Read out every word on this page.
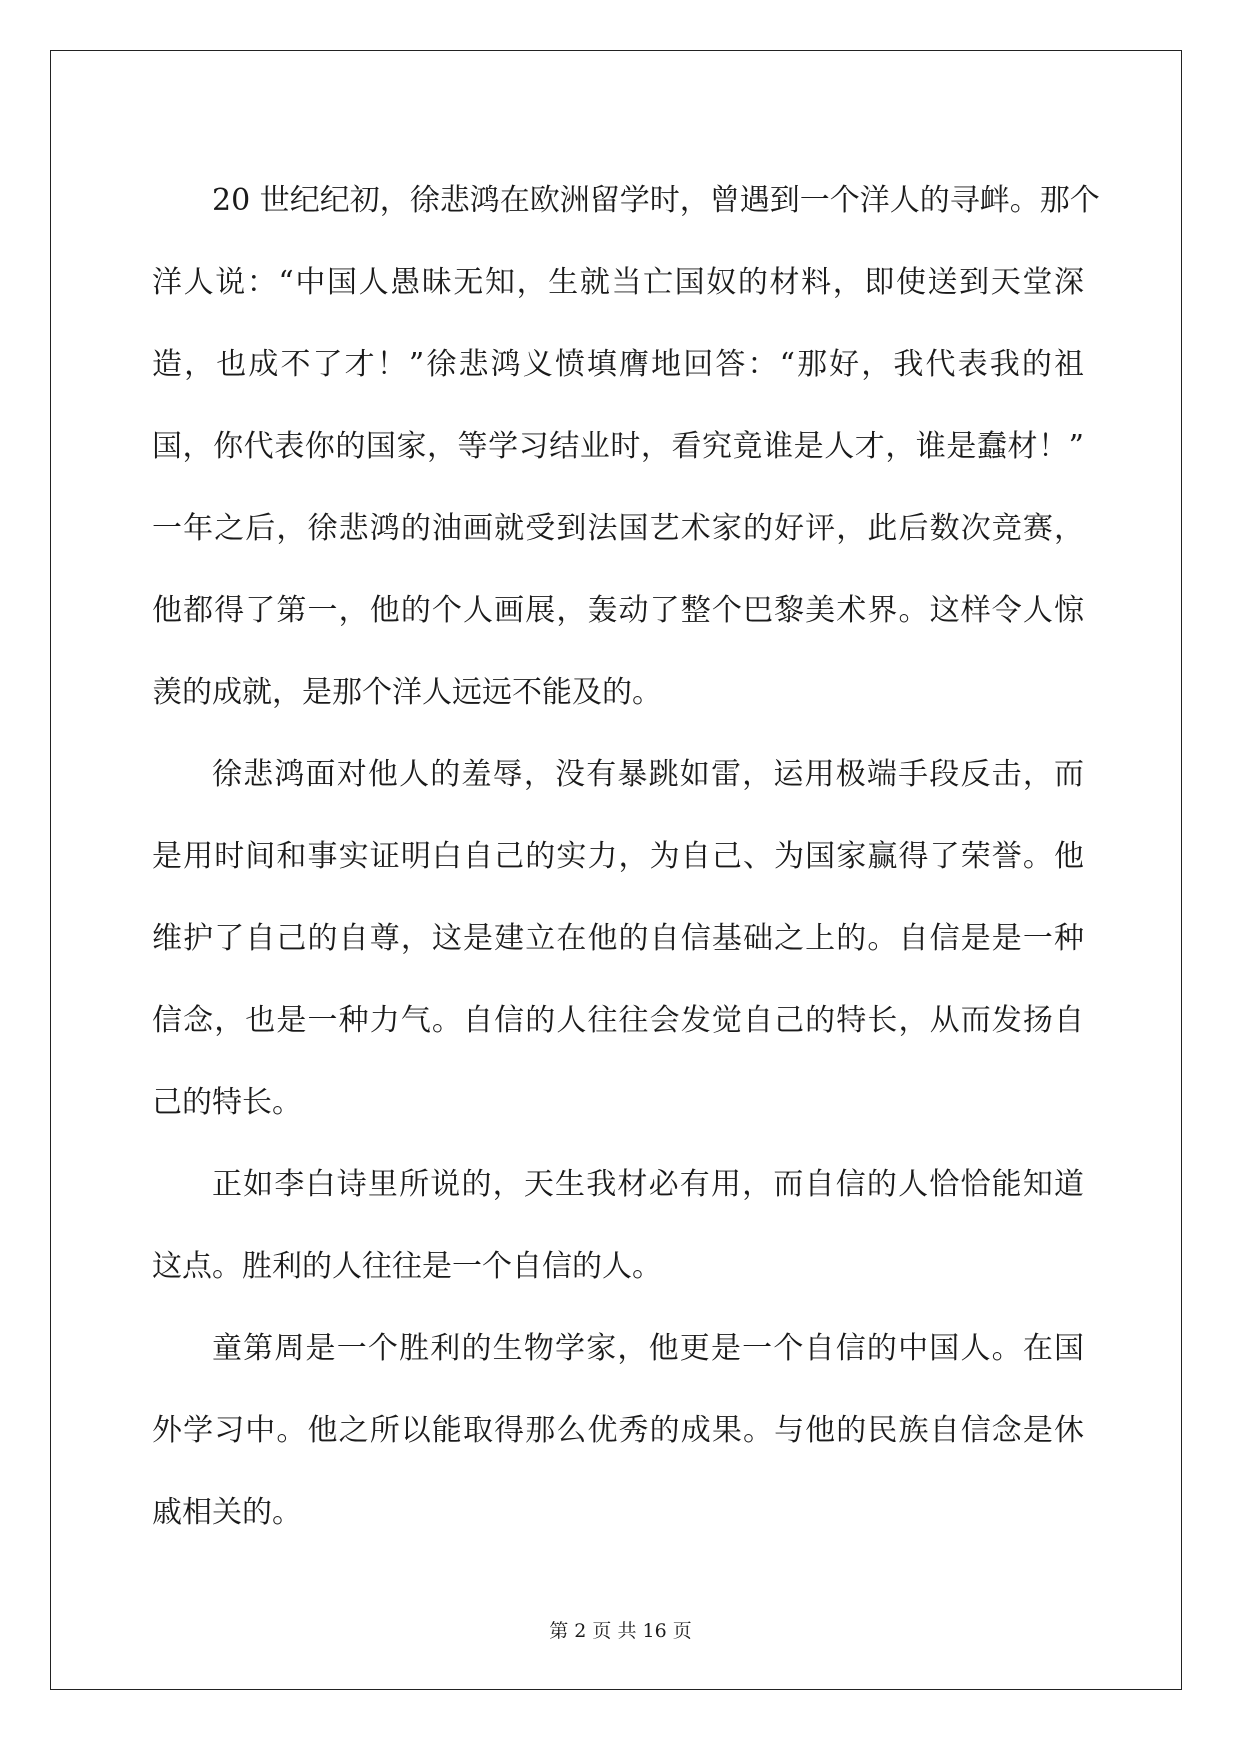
20 世纪纪初，徐悲鸿在欧洲留学时，曾遇到一个洋人的寻衅。那个
洋人说：“中国人愚昧无知，生就当亡国奴的材料，即使送到天堂深
造，也成不了才！”徐悲鸿义愤填膺地回答：“那好，我代表我的祖
国，你代表你的国家，等学习结业时，看究竟谁是人才，谁是蠢材！”
一年之后，徐悲鸿的油画就受到法国艺术家的好评，此后数次竞赛，
他都得了第一，他的个人画展，轰动了整个巴黎美术界。这样令人惊
羡的成就，是那个洋人远远不能及的。

徐悲鸿面对他人的羞辱，没有暴跳如雷，运用极端手段反击，而
是用时间和事实证明白自己的实力，为自己、为国家赢得了荣誉。他
维护了自己的自尊，这是建立在他的自信基础之上的。自信是是一种
信念，也是一种力气。自信的人往往会发觉自己的特长，从而发扬自
己的特长。

正如李白诗里所说的，天生我材必有用，而自信的人恰恰能知道
这点。胜利的人往往是一个自信的人。

童第周是一个胜利的生物学家，他更是一个自信的中国人。在国
外学习中。他之所以能取得那么优秀的成果。与他的民族自信念是休
戚相关的。

第 2 页 共 16 页
